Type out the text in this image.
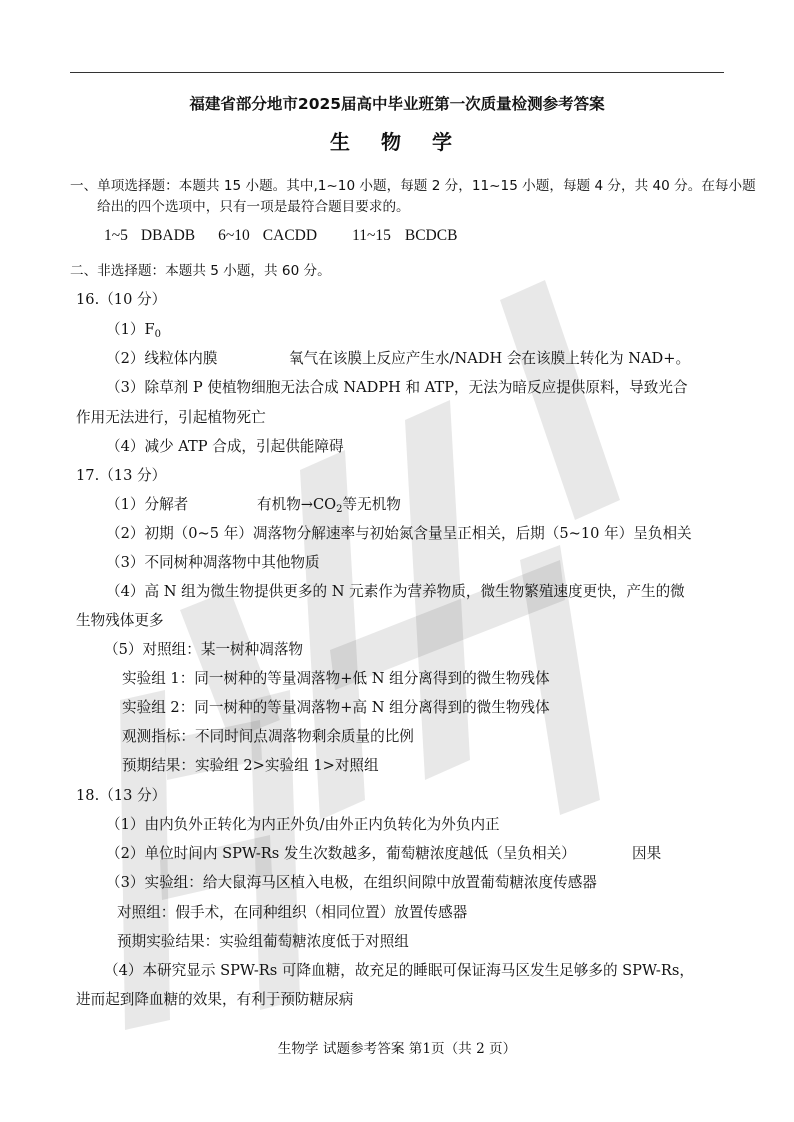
福建省部分地市2025届高中毕业班第一次质量检测参考答案
生 物 学
一、单项选择题：本题共 15 小题。其中,1~10 小题，每题 2 分，11~15 小题，每题 4 分，共 40 分。在每小题
给出的四个选项中，只有一项是最符合题目要求的。
1~5 DBADB 6~10 CACDD 11~15 BCDCB
二、非选择题：本题共 5 小题，共 60 分。
16.（10 分）
$(1)F_0$
（2）线粒体内膜	氧气在该膜上反应产生水/NADH 会在该膜上转化为 NAD+。
（3）除草剂 P 使植物细胞无法合成 NADPH 和 ATP，无法为暗反应提供原料，导致光合
作用无法进行，引起植物死亡
（4）减少 ATP 合成，引起供能障碍
17.（13 分）
（1）分解者	有机物$\to CO_2$等无机物
（2）初期（0~5 年）凋落物分解速率与初始氮含量呈正相关，后期（5~10 年）呈负相关
（3）不同树种凋落物中其他物质
（4）高 N 组为微生物提供更多的 N 元素作为营养物质，微生物繁殖速度更快，产生的微
生物残体更多
（5）对照组：某一树种凋落物
实验组 1：同一树种的等量凋落物+低 N 组分离得到的微生物残体
实验组 2：同一树种的等量凋落物+高 N 组分离得到的微生物残体
观测指标：不同时间点凋落物剩余质量的比例
预期结果：实验组 2>实验组 1>对照组
18.（13 分）
（1）由内负外正转化为内正外负/由外正内负转化为外负内正
（2）单位时间内 SPW-Rs 发生次数越多，葡萄糖浓度越低（呈负相关）	因果
（3）实验组：给大鼠海马区植入电极，在组织间隙中放置葡萄糖浓度传感器
对照组：假手术，在同种组织（相同位置）放置传感器
预期实验结果：实验组葡萄糖浓度低于对照组
（4）本研究显示 SPW-Rs 可降血糖，故充足的睡眠可保证海马区发生足够多的 SPW-Rs，
进而起到降血糖的效果，有利于预防糖尿病
生物学 试题参考答案 第1页（共 2 页）
